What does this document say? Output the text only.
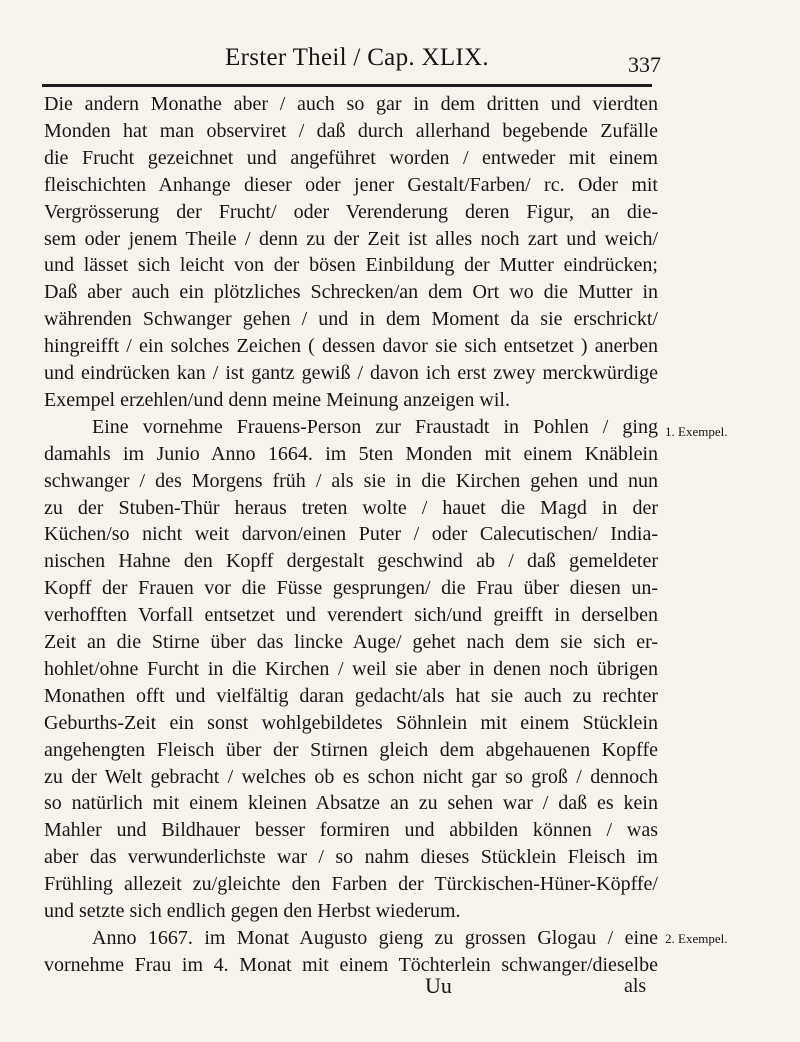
Erster Theil / Cap. XLIX.	337
Die andern Monathe aber / auch so gar in dem dritten und vierdten
Monden hat man observiret / daß durch allerhand begebende Zufälle
die Frucht gezeichnet und angeführet worden / entweder mit einem
fleischichten Anhange dieser oder jener Gestalt/Farben/ rc. Oder mit
Vergrösserung der Frucht/ oder Verenderung deren Figur, an die-
sem oder jenem Theile / denn zu der Zeit ist alles noch zart und weich/
und lässet sich leicht von der bösen Einbildung der Mutter eindrücken;
Daß aber auch ein plötzliches Schrecken/an dem Ort wo die Mutter in
währenden Schwanger gehen / und in dem Moment da sie erschrickt/
hingreifft / ein solches Zeichen ( dessen davor sie sich entsetzet ) anerben
und eindrücken kan / ist gantz gewiß / davon ich erst zwey merckwürdige
Exempel erzehlen/und denn meine Meinung anzeigen wil.
Eine vornehme Frauens-Person zur Fraustadt in Pohlen / ging
damahls im Junio Anno 1664. im 5ten Monden mit einem Knäblein
schwanger / des Morgens früh / als sie in die Kirchen gehen und nun
zu der Stuben-Thür heraus treten wolte / hauet die Magd in der
Küchen/so nicht weit darvon/einen Puter / oder Calecutischen/ India-
nischen Hahne den Kopff dergestalt geschwind ab / daß gemeldeter
Kopff der Frauen vor die Füsse gesprungen/ die Frau über diesen un-
verhofften Vorfall entsetzet und verendert sich/und greifft in derselben
Zeit an die Stirne über das lincke Auge/ gehet nach dem sie sich er-
hohlet/ohne Furcht in die Kirchen / weil sie aber in denen noch übrigen
Monathen offt und vielfältig daran gedacht/als hat sie auch zu rechter
Geburths-Zeit ein sonst wohlgebildetes Söhnlein mit einem Stücklein
angehengten Fleisch über der Stirnen gleich dem abgehauenen Kopffe
zu der Welt gebracht / welches ob es schon nicht gar so groß / dennoch
so natürlich mit einem kleinen Absatze an zu sehen war / daß es kein
Mahler und Bildhauer besser formiren und abbilden können / was
aber das verwunderlichste war / so nahm dieses Stücklein Fleisch im
Frühling allezeit zu/gleichte den Farben der Türckischen-Hüner-Köpffe/
und setzte sich endlich gegen den Herbst wiederum.
Anno 1667. im Monat Augusto gieng zu grossen Glogau / eine
vornehme Frau im 4. Monat mit einem Töchterlein schwanger/dieselbe
1. Exempel.
2. Exempel.
Uu	als
